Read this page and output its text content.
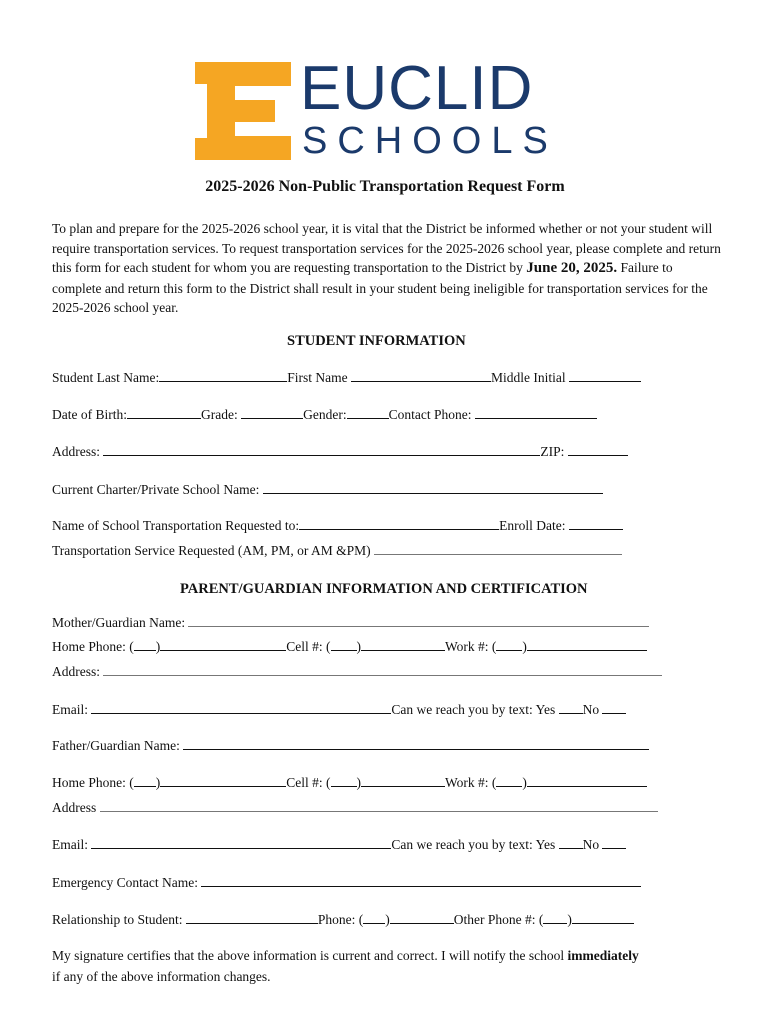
EUCLID
SCHOOLS
2025-2026 Non-Public Transportation Request Form
To plan and prepare for the 2025-2026 school year, it is vital that the District be informed whether or not your student will require transportation services. To request transportation services for the 2025-2026 school year, please complete and return this form for each student for whom you are requesting transportation to the District by June 20, 2025. Failure to complete and return this form to the District shall result in your student being ineligible for transportation services for the 2025-2026 school year.
STUDENT INFORMATION
Student Last Name:	First Name	Middle Initial
Date of Birth:	Grade:	Gender:	Contact Phone:
Address:	ZIP:
Current Charter/Private School Name:
Name of School Transportation Requested to:	Enroll Date:
Transportation Service Requested (AM, PM, or AM &PM)
PARENT/GUARDIAN INFORMATION AND CERTIFICATION
Mother/Guardian Name:
Home Phone: ( )	Cell #: ( )	Work #: ( )
Address:
Email:	Can we reach you by text: Yes No
Father/Guardian Name:
Home Phone: ( )	Cell #: ( )	Work #: ( )
Address
Email:	Can we reach you by text: Yes No
Emergency Contact Name:
Relationship to Student:	Phone: ( )	Other Phone #: ( )
My signature certifies that the above information is current and correct. I will notify the school immediately
if any of the above information changes.
